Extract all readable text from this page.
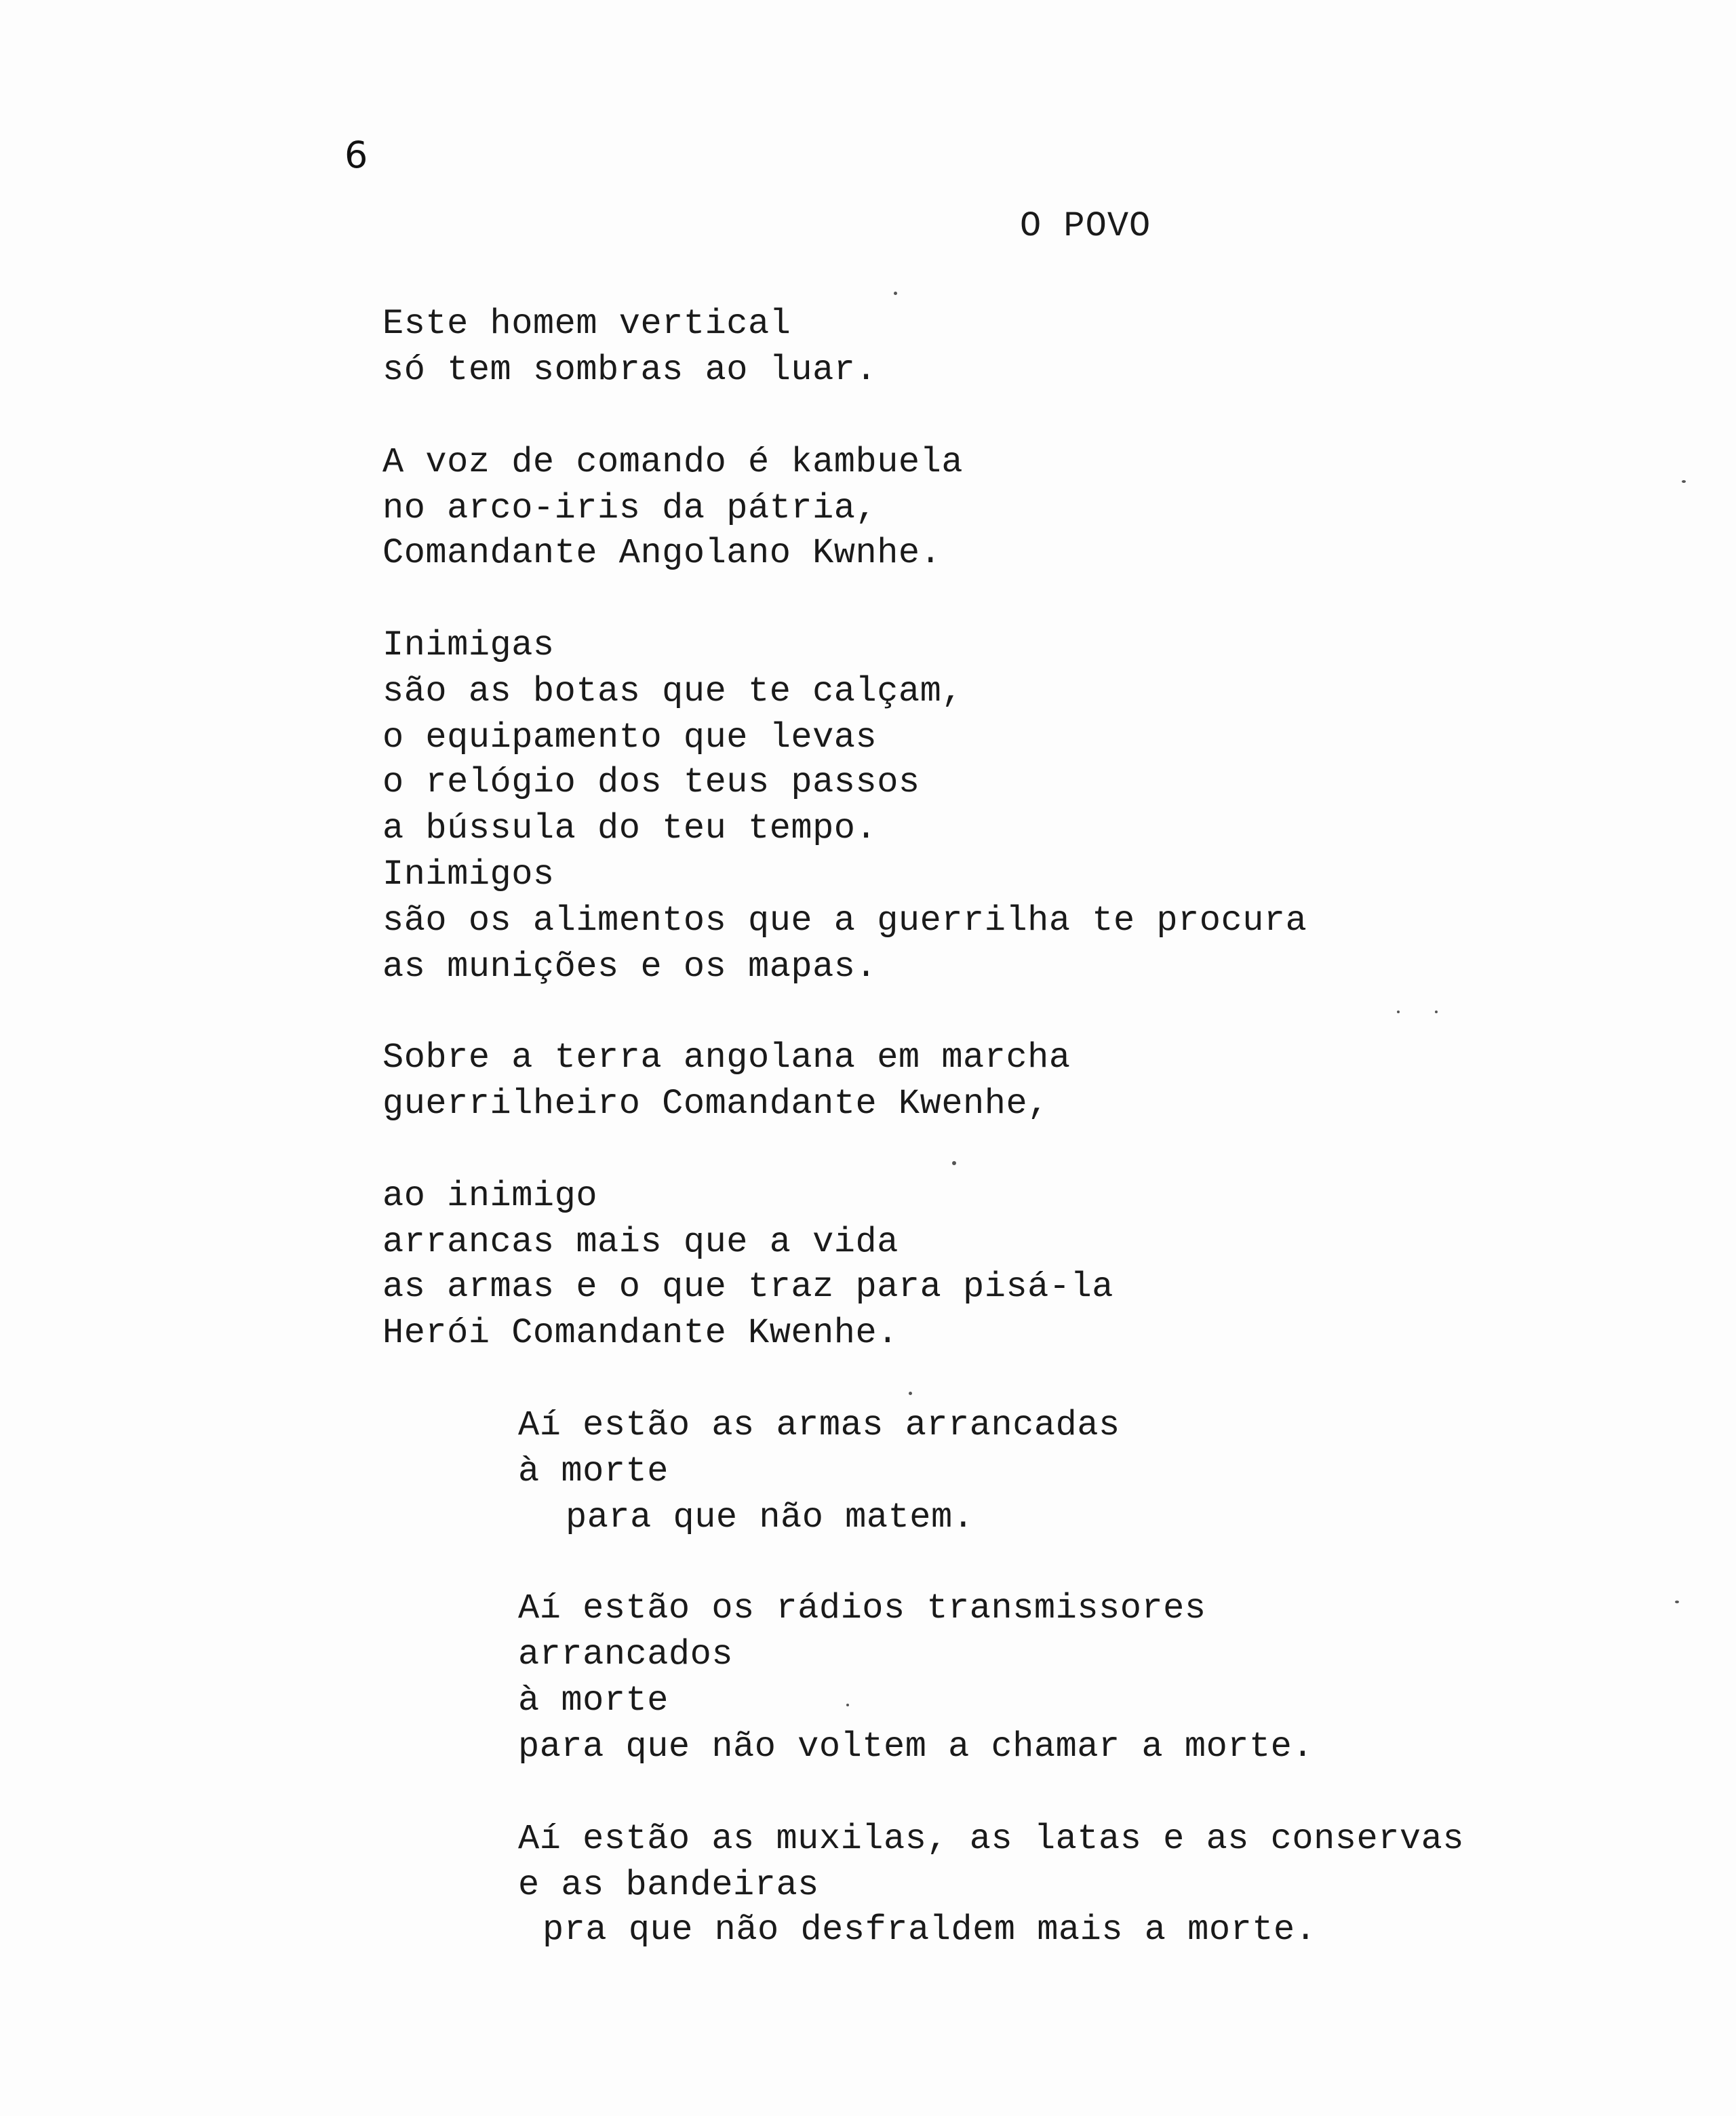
6
O POVO
Este homem vertical
só tem sombras ao luar.
A voz de comando é kambuela
no arco-iris da pátria,
Comandante Angolano Kwnhe.
Inimigas
são as botas que te calçam,
o equipamento que levas
o relógio dos teus passos
a bússula do teu tempo.
Inimigos
são os alimentos que a guerrilha te procura
as munições e os mapas.
Sobre a terra angolana em marcha
guerrilheiro Comandante Kwenhe,
ao inimigo
arrancas mais que a vida
as armas e o que traz para pisá-la
Herói Comandante Kwenhe.
Aí estão as armas arrancadas
à morte
para que não matem.
Aí estão os rádios transmissores
arrancados
à morte
para que não voltem a chamar a morte.
Aí estão as muxilas, as latas e as conservas
e as bandeiras
pra que não desfraldem mais a morte.
